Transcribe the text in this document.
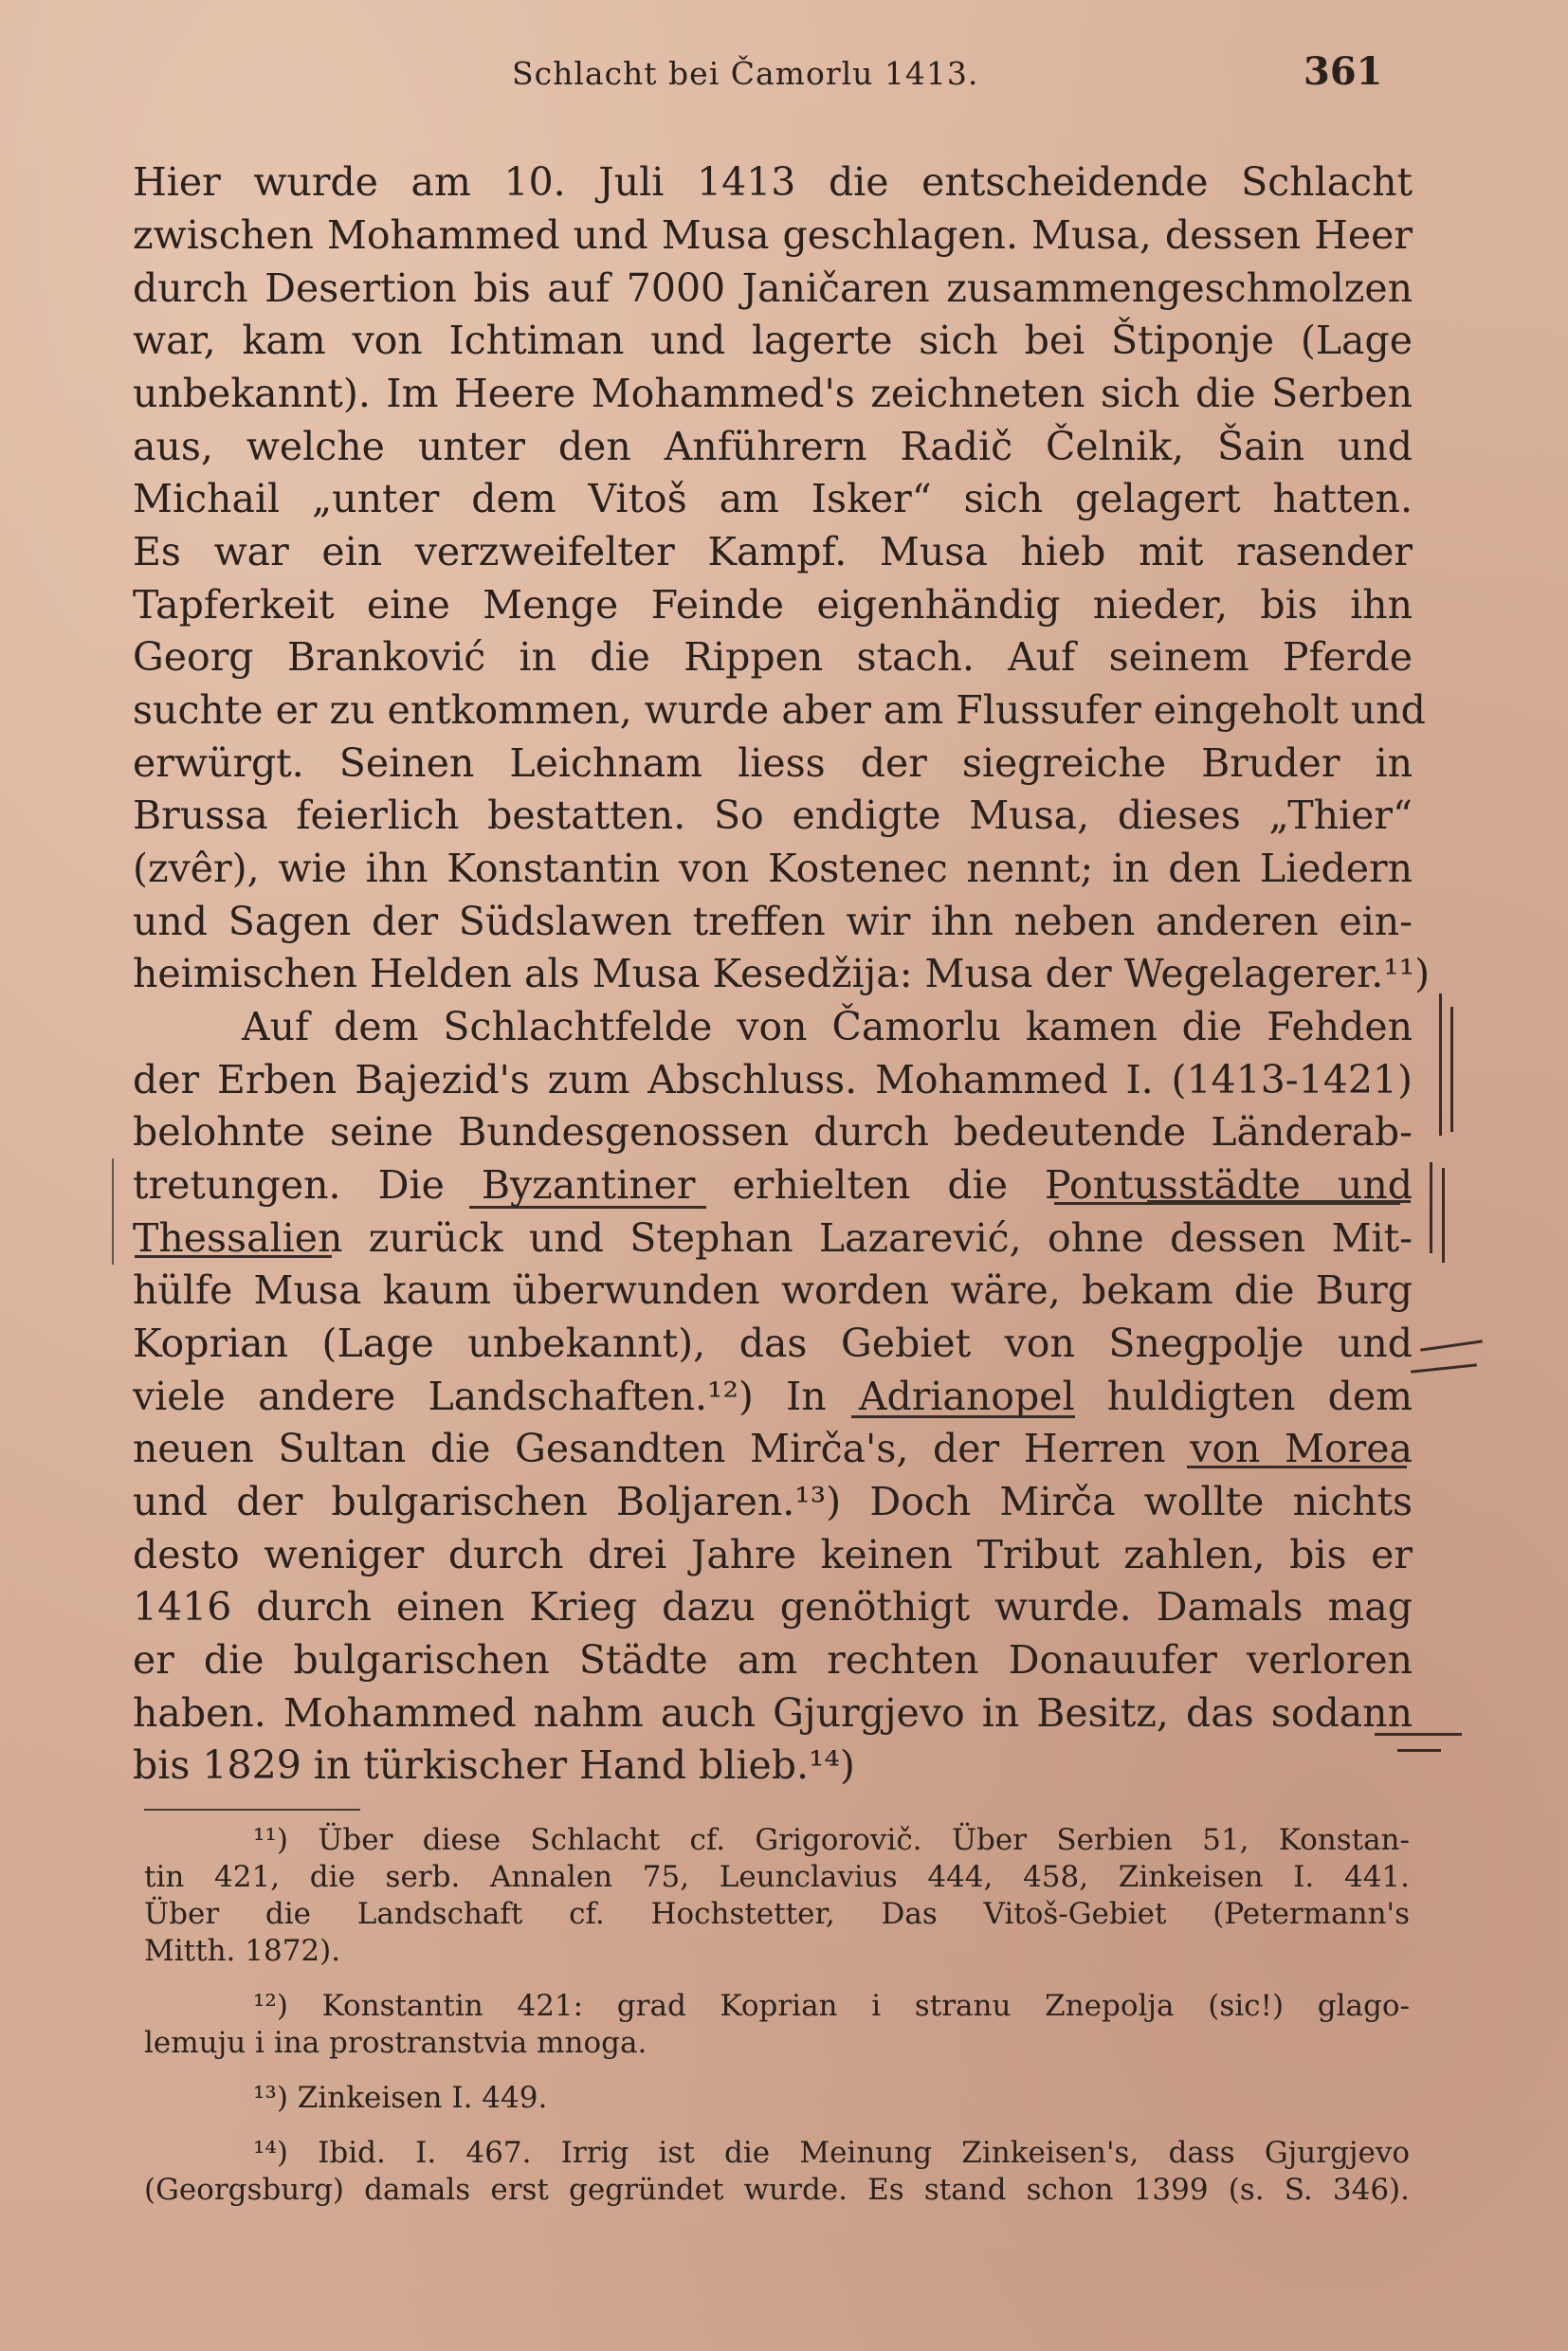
Schlacht bei Čamorlu 1413.	361
Hier wurde am 10. Juli 1413 die entscheidende Schlacht
zwischen Mohammed und Musa geschlagen. Musa, dessen Heer
durch Desertion bis auf 7000 Janičaren zusammengeschmolzen
war, kam von Ichtiman und lagerte sich bei Štiponje (Lage
unbekannt). Im Heere Mohammed's zeichneten sich die Serben
aus, welche unter den Anführern Radič Čelnik, Šain und
Michail „unter dem Vitoš am Isker“ sich gelagert hatten.
Es war ein verzweifelter Kampf. Musa hieb mit rasender
Tapferkeit eine Menge Feinde eigenhändig nieder, bis ihn
Georg Branković in die Rippen stach. Auf seinem Pferde
suchte er zu entkommen, wurde aber am Flussufer eingeholt und
erwürgt. Seinen Leichnam liess der siegreiche Bruder in
Brussa feierlich bestatten. So endigte Musa, dieses „Thier“
(zvêr), wie ihn Konstantin von Kostenec nennt; in den Liedern
und Sagen der Südslawen treffen wir ihn neben anderen ein-
heimischen Helden als Musa Kesedžija: Musa der Wegelagerer.¹¹)
Auf dem Schlachtfelde von Čamorlu kamen die Fehden
der Erben Bajezid's zum Abschluss. Mohammed I. (1413-1421)
belohnte seine Bundesgenossen durch bedeutende Länderab-
tretungen. Die Byzantiner erhielten die Pontusstädte und
Thessalien zurück und Stephan Lazarević, ohne dessen Mit-
hülfe Musa kaum überwunden worden wäre, bekam die Burg
Koprian (Lage unbekannt), das Gebiet von Snegpolje und
viele andere Landschaften.¹²) In Adrianopel huldigten dem
neuen Sultan die Gesandten Mirča's, der Herren von Morea
und der bulgarischen Boljaren.¹³) Doch Mirča wollte nichts
desto weniger durch drei Jahre keinen Tribut zahlen, bis er
1416 durch einen Krieg dazu genöthigt wurde. Damals mag
er die bulgarischen Städte am rechten Donauufer verloren
haben. Mohammed nahm auch Gjurgjevo in Besitz, das sodann
bis 1829 in türkischer Hand blieb.¹⁴)
¹¹) Über diese Schlacht cf. Grigorovič. Über Serbien 51, Konstan-
tin 421, die serb. Annalen 75, Leunclavius 444, 458, Zinkeisen I. 441.
Über die Landschaft cf. Hochstetter, Das Vitoš-Gebiet (Petermann's
Mitth. 1872).
¹²) Konstantin 421: grad Koprian i stranu Znepolja (sic!) glago-
lemuju i ina prostranstvia mnoga.
¹³) Zinkeisen I. 449.
¹⁴) Ibid. I. 467. Irrig ist die Meinung Zinkeisen's, dass Gjurgjevo
(Georgsburg) damals erst gegründet wurde. Es stand schon 1399 (s. S. 346).
